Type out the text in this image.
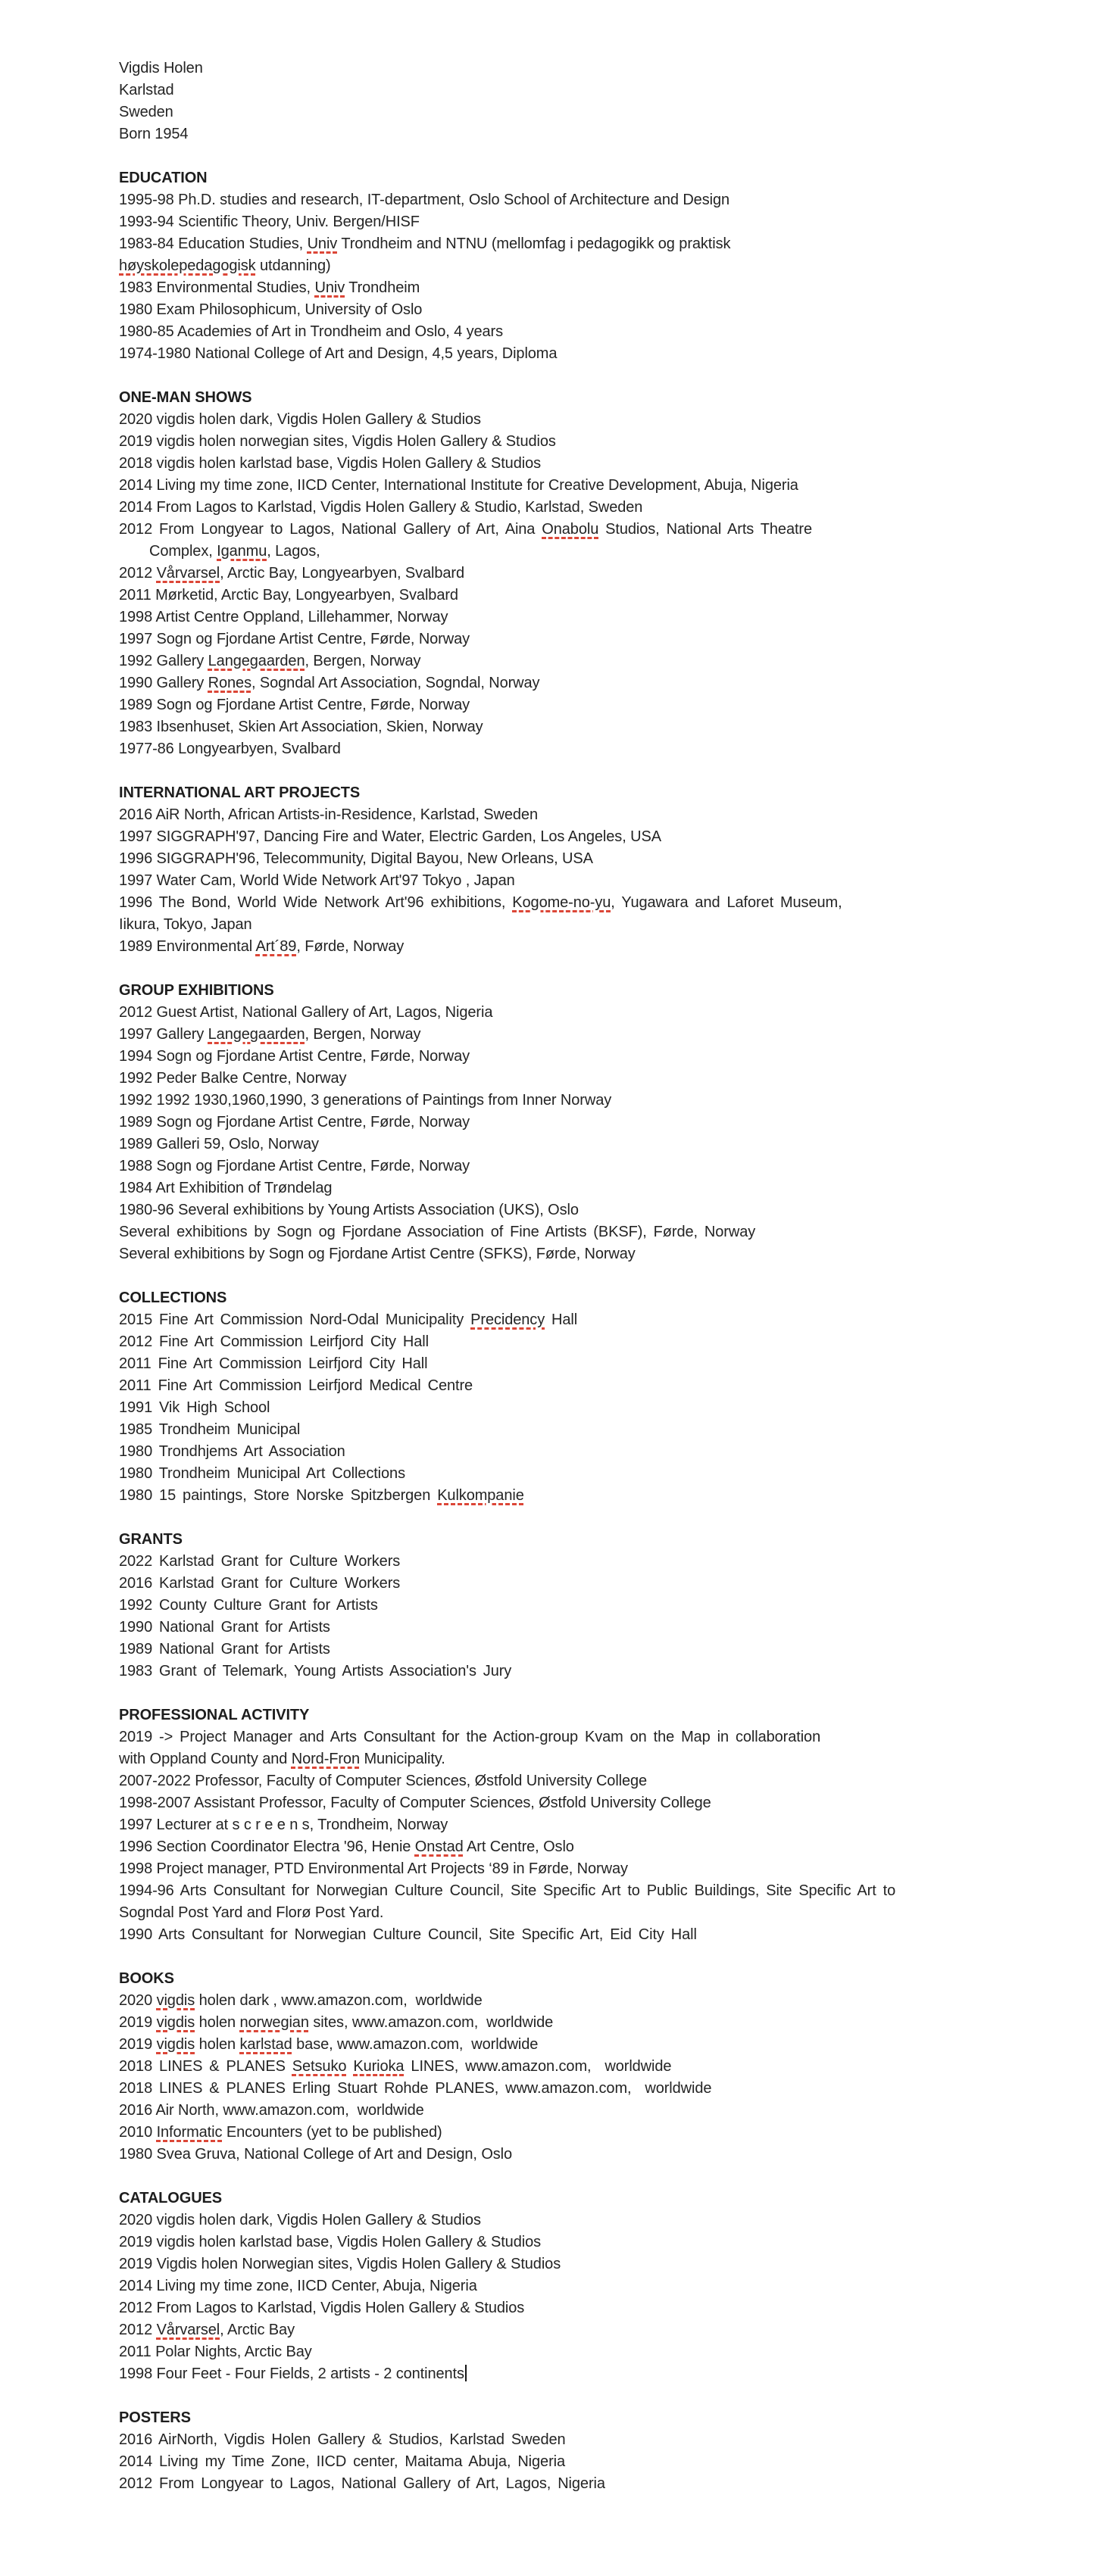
Vigdis Holen
Karlstad
Sweden
Born 1954
EDUCATION
1995-98 Ph.D. studies and research, IT-department, Oslo School of Architecture and Design
1993-94 Scientific Theory, Univ. Bergen/HISF
1983-84 Education Studies, Univ Trondheim and NTNU (mellomfag i pedagogikk og praktisk
høyskolepedagogisk utdanning)
1983 Environmental Studies, Univ Trondheim
1980 Exam Philosophicum, University of Oslo
1980-85 Academies of Art in Trondheim and Oslo, 4 years
1974-1980 National College of Art and Design, 4,5 years, Diploma
ONE-MAN SHOWS
2020 vigdis holen dark, Vigdis Holen Gallery & Studios
2019 vigdis holen norwegian sites, Vigdis Holen Gallery & Studios
2018 vigdis holen karlstad base, Vigdis Holen Gallery & Studios
2014 Living my time zone, IICD Center, International Institute for Creative Development, Abuja, Nigeria
2014 From Lagos to Karlstad, Vigdis Holen Gallery & Studio, Karlstad, Sweden
2012 From Longyear to Lagos, National Gallery of Art, Aina Onabolu Studios, National Arts Theatre
Complex, Iganmu, Lagos,
2012 Vårvarsel, Arctic Bay, Longyearbyen, Svalbard
2011 Mørketid, Arctic Bay, Longyearbyen, Svalbard
1998 Artist Centre Oppland, Lillehammer, Norway
1997 Sogn og Fjordane Artist Centre, Førde, Norway
1992 Gallery Langegaarden, Bergen, Norway
1990 Gallery Rones, Sogndal Art Association, Sogndal, Norway
1989 Sogn og Fjordane Artist Centre, Førde, Norway
1983 Ibsenhuset, Skien Art Association, Skien, Norway
1977-86 Longyearbyen, Svalbard
INTERNATIONAL ART PROJECTS
2016 AiR North, African Artists-in-Residence, Karlstad, Sweden
1997 SIGGRAPH'97, Dancing Fire and Water, Electric Garden, Los Angeles, USA
1996 SIGGRAPH'96, Telecommunity, Digital Bayou, New Orleans, USA
1997 Water Cam, World Wide Network Art'97 Tokyo , Japan
1996 The Bond, World Wide Network Art'96 exhibitions, Kogome-no-yu, Yugawara and Laforet Museum,
Iikura, Tokyo, Japan
1989 Environmental Art´89, Førde, Norway
GROUP EXHIBITIONS
2012 Guest Artist, National Gallery of Art, Lagos, Nigeria
1997 Gallery Langegaarden, Bergen, Norway
1994 Sogn og Fjordane Artist Centre, Førde, Norway
1992 Peder Balke Centre, Norway
1992 1992 1930,1960,1990, 3 generations of Paintings from Inner Norway
1989 Sogn og Fjordane Artist Centre, Førde, Norway
1989 Galleri 59, Oslo, Norway
1988 Sogn og Fjordane Artist Centre, Førde, Norway
1984 Art Exhibition of Trøndelag
1980-96 Several exhibitions by Young Artists Association (UKS), Oslo
Several exhibitions by Sogn og Fjordane Association of Fine Artists (BKSF), Førde, Norway
Several exhibitions by Sogn og Fjordane Artist Centre (SFKS), Førde, Norway
COLLECTIONS
2015 Fine Art Commission Nord-Odal Municipality Precidency Hall
2012 Fine Art Commission Leirfjord City Hall
2011 Fine Art Commission Leirfjord City Hall
2011 Fine Art Commission Leirfjord Medical Centre
1991 Vik High School
1985 Trondheim Municipal
1980 Trondhjems Art Association
1980 Trondheim Municipal Art Collections
1980 15 paintings, Store Norske Spitzbergen Kulkompanie
GRANTS
2022 Karlstad Grant for Culture Workers
2016 Karlstad Grant for Culture Workers
1992 County Culture Grant for Artists
1990 National Grant for Artists
1989 National Grant for Artists
1983 Grant of Telemark, Young Artists Association's Jury
PROFESSIONAL ACTIVITY
2019 -> Project Manager and Arts Consultant for the Action-group Kvam on the Map in collaboration
with Oppland County and Nord-Fron Municipality.
2007-2022 Professor, Faculty of Computer Sciences, Østfold University College
1998-2007 Assistant Professor, Faculty of Computer Sciences, Østfold University College
1997 Lecturer at s c r e e n s, Trondheim, Norway
1996 Section Coordinator Electra '96, Henie Onstad Art Centre, Oslo
1998 Project manager, PTD Environmental Art Projects ‘89 in Førde, Norway
1994-96 Arts Consultant for Norwegian Culture Council, Site Specific Art to Public Buildings, Site Specific Art to
Sogndal Post Yard and Florø Post Yard.
1990 Arts Consultant for Norwegian Culture Council, Site Specific Art, Eid City Hall
BOOKS
2020 vigdis holen dark , www.amazon.com,  worldwide
2019 vigdis holen norwegian sites, www.amazon.com,  worldwide
2019 vigdis holen karlstad base, www.amazon.com,  worldwide
2018 LINES & PLANES Setsuko Kurioka LINES, www.amazon.com,  worldwide
2018 LINES & PLANES Erling Stuart Rohde PLANES, www.amazon.com,  worldwide
2016 Air North, www.amazon.com,  worldwide
2010 Informatic Encounters (yet to be published)
1980 Svea Gruva, National College of Art and Design, Oslo
CATALOGUES
2020 vigdis holen dark, Vigdis Holen Gallery & Studios
2019 vigdis holen karlstad base, Vigdis Holen Gallery & Studios
2019 Vigdis holen Norwegian sites, Vigdis Holen Gallery & Studios
2014 Living my time zone, IICD Center, Abuja, Nigeria
2012 From Lagos to Karlstad, Vigdis Holen Gallery & Studios
2012 Vårvarsel, Arctic Bay
2011 Polar Nights, Arctic Bay
1998 Four Feet - Four Fields, 2 artists - 2 continents
POSTERS
2016 AirNorth, Vigdis Holen Gallery & Studios, Karlstad Sweden
2014 Living my Time Zone, IICD center, Maitama Abuja, Nigeria
2012 From Longyear to Lagos, National Gallery of Art, Lagos, Nigeria
